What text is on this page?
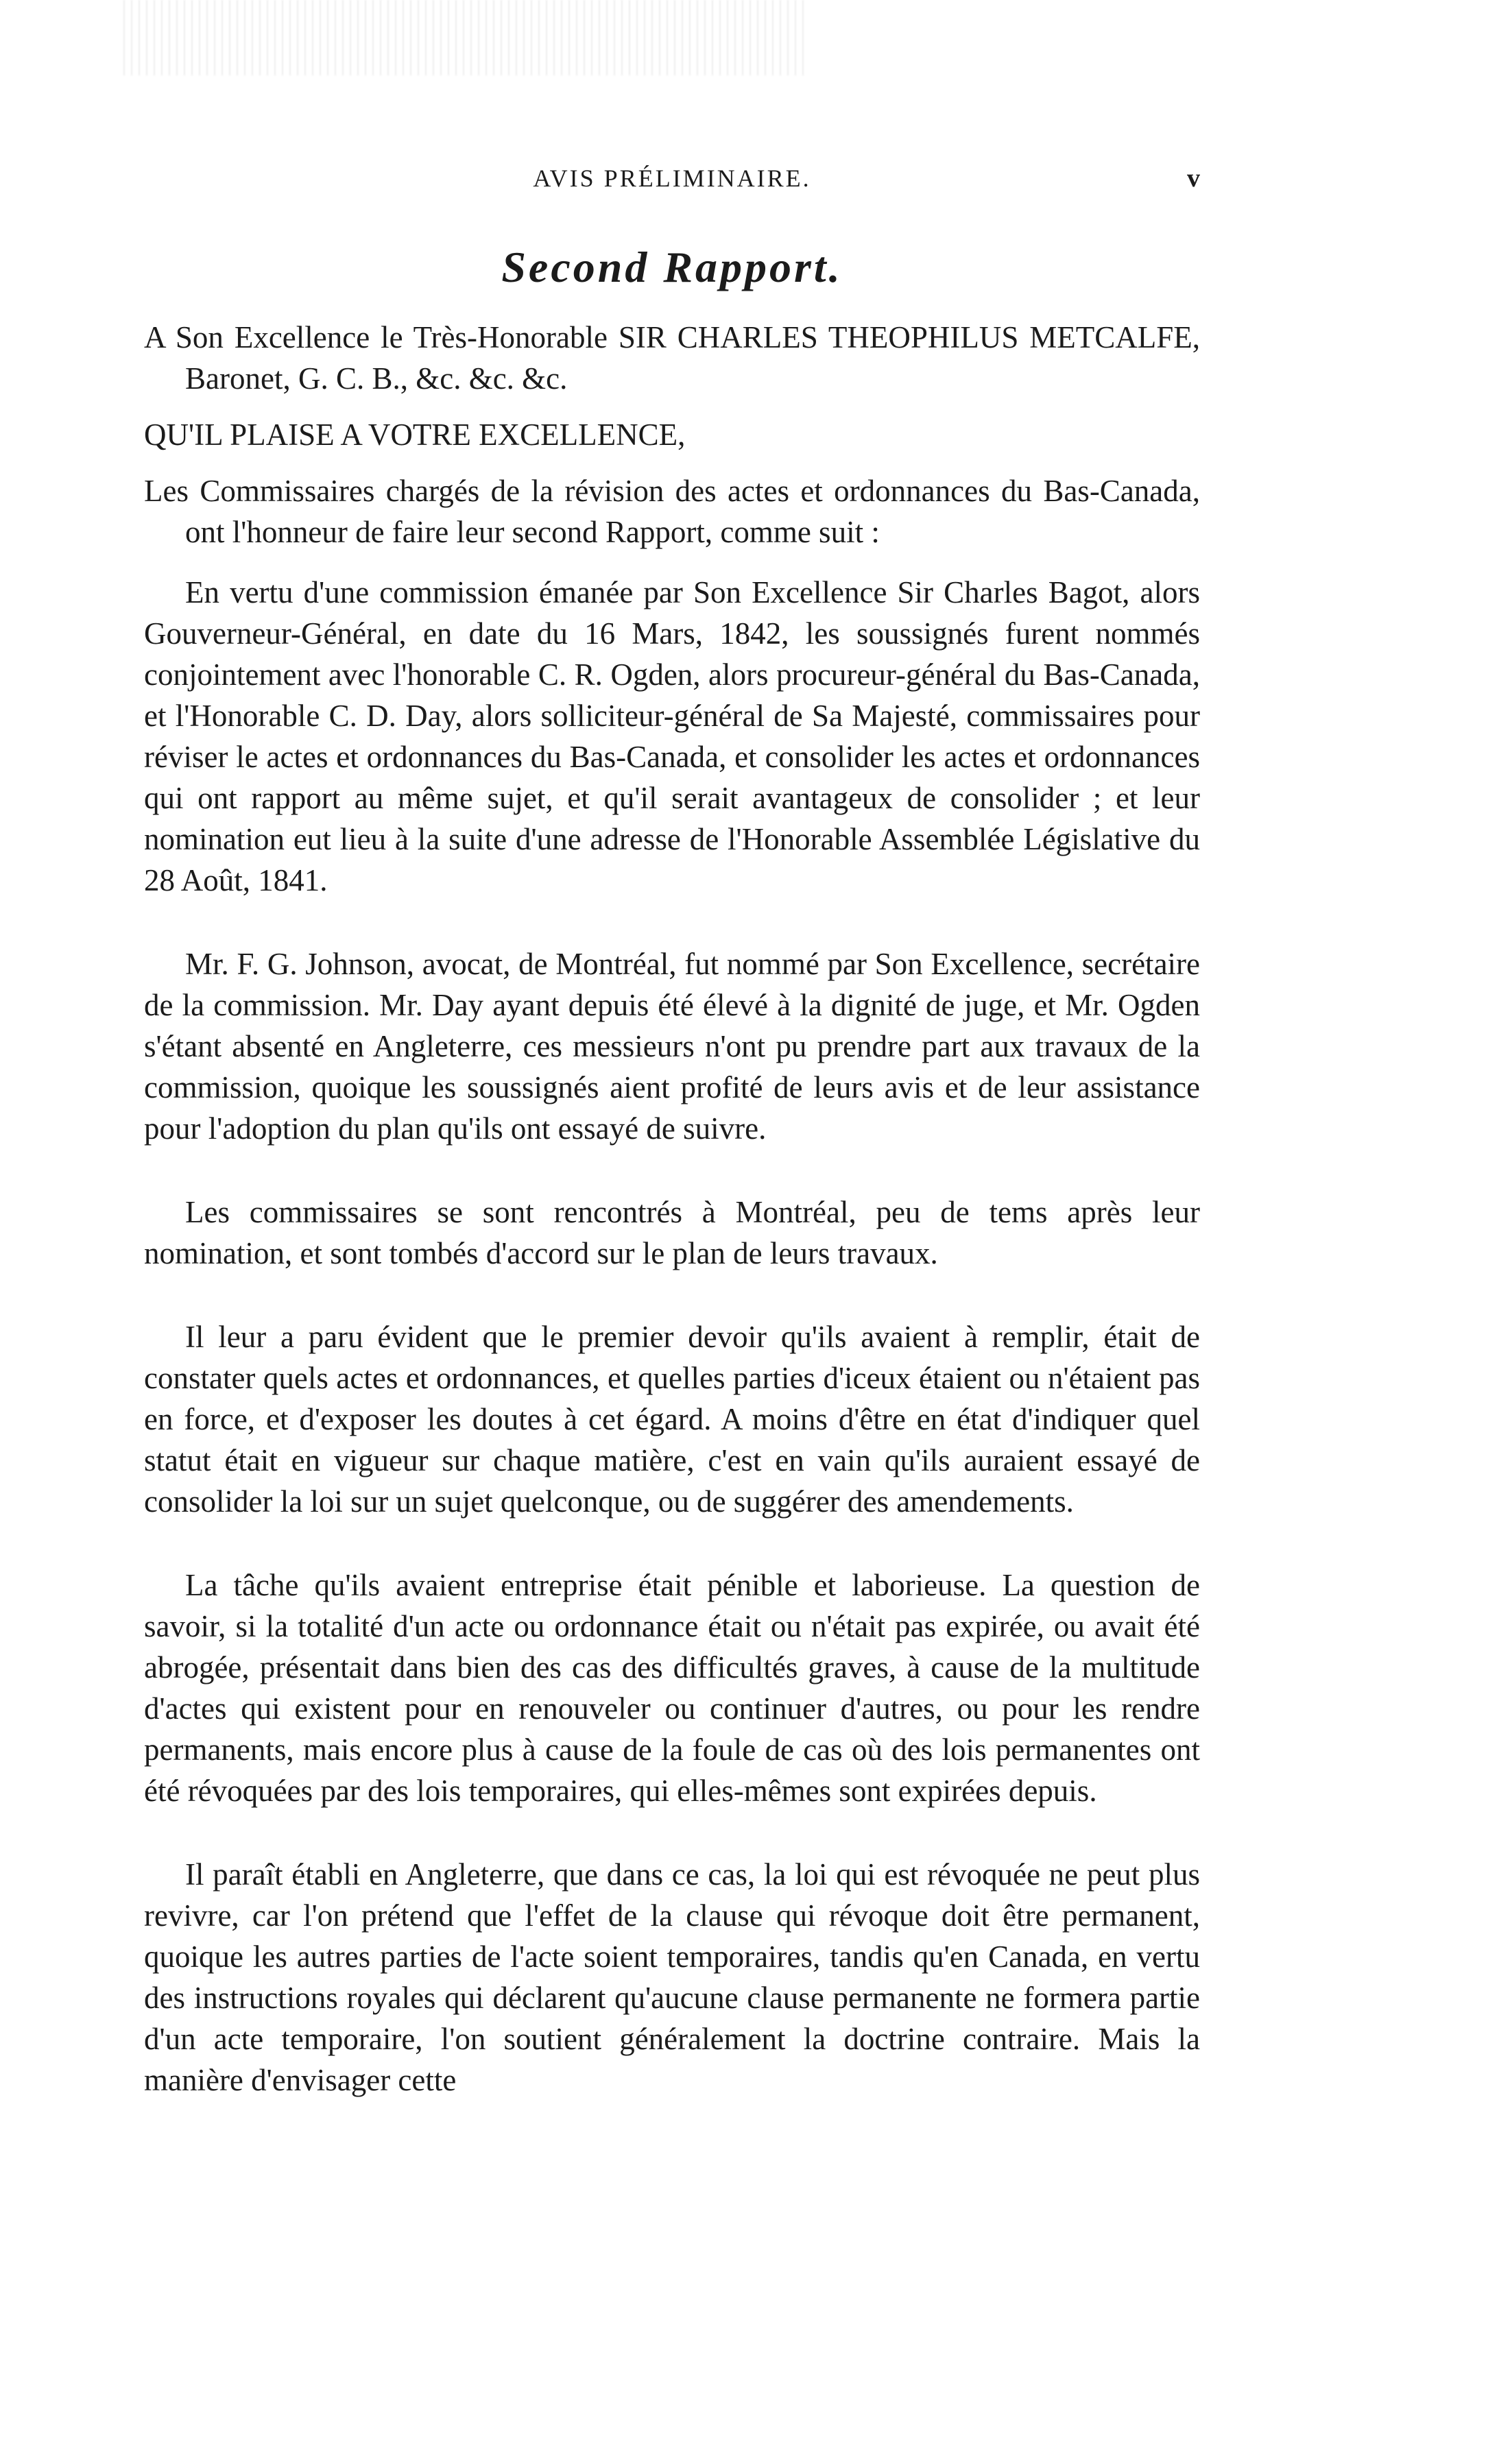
AVIS PRÉLIMINAIRE.	v
Second Rapport.

A Son Excellence le Très-Honorable SIR CHARLES THEOPHILUS METCALFE, Baronet, G. C. B., &c. &c. &c.

QU'IL PLAISE A VOTRE EXCELLENCE,

Les Commissaires chargés de la révision des actes et ordonnances du Bas-Canada, ont l'honneur de faire leur second Rapport, comme suit :

En vertu d'une commission émanée par Son Excellence Sir Charles Bagot, alors Gouverneur-Général, en date du 16 Mars, 1842, les soussignés furent nommés conjointement avec l'honorable C. R. Ogden, alors procureur-général du Bas-Canada, et l'Honorable C. D. Day, alors solliciteur-général de Sa Majesté, commissaires pour réviser le actes et ordonnances du Bas-Canada, et consolider les actes et ordonnances qui ont rapport au même sujet, et qu'il serait avantageux de consolider ; et leur nomination eut lieu à la suite d'une adresse de l'Honorable Assemblée Législative du 28 Août, 1841.

Mr. F. G. Johnson, avocat, de Montréal, fut nommé par Son Excellence, secrétaire de la commission. Mr. Day ayant depuis été élevé à la dignité de juge, et Mr. Ogden s'étant absenté en Angleterre, ces messieurs n'ont pu prendre part aux travaux de la commission, quoique les soussignés aient profité de leurs avis et de leur assistance pour l'adoption du plan qu'ils ont essayé de suivre.

Les commissaires se sont rencontrés à Montréal, peu de tems après leur nomination, et sont tombés d'accord sur le plan de leurs travaux.

Il leur a paru évident que le premier devoir qu'ils avaient à remplir, était de constater quels actes et ordonnances, et quelles parties d'iceux étaient ou n'étaient pas en force, et d'exposer les doutes à cet égard. A moins d'être en état d'indiquer quel statut était en vigueur sur chaque matière, c'est en vain qu'ils auraient essayé de consolider la loi sur un sujet quelconque, ou de suggérer des amendements.

La tâche qu'ils avaient entreprise était pénible et laborieuse. La question de savoir, si la totalité d'un acte ou ordonnance était ou n'était pas expirée, ou avait été abrogée, présentait dans bien des cas des difficultés graves, à cause de la multitude d'actes qui existent pour en renouveler ou continuer d'autres, ou pour les rendre permanents, mais encore plus à cause de la foule de cas où des lois permanentes ont été révoquées par des lois temporaires, qui elles-mêmes sont expirées depuis.

Il paraît établi en Angleterre, que dans ce cas, la loi qui est révoquée ne peut plus revivre, car l'on prétend que l'effet de la clause qui révoque doit être permanent, quoique les autres parties de l'acte soient temporaires, tandis qu'en Canada, en vertu des instructions royales qui déclarent qu'aucune clause permanente ne formera partie d'un acte temporaire, l'on soutient généralement la doctrine contraire. Mais la manière d'envisager cette
